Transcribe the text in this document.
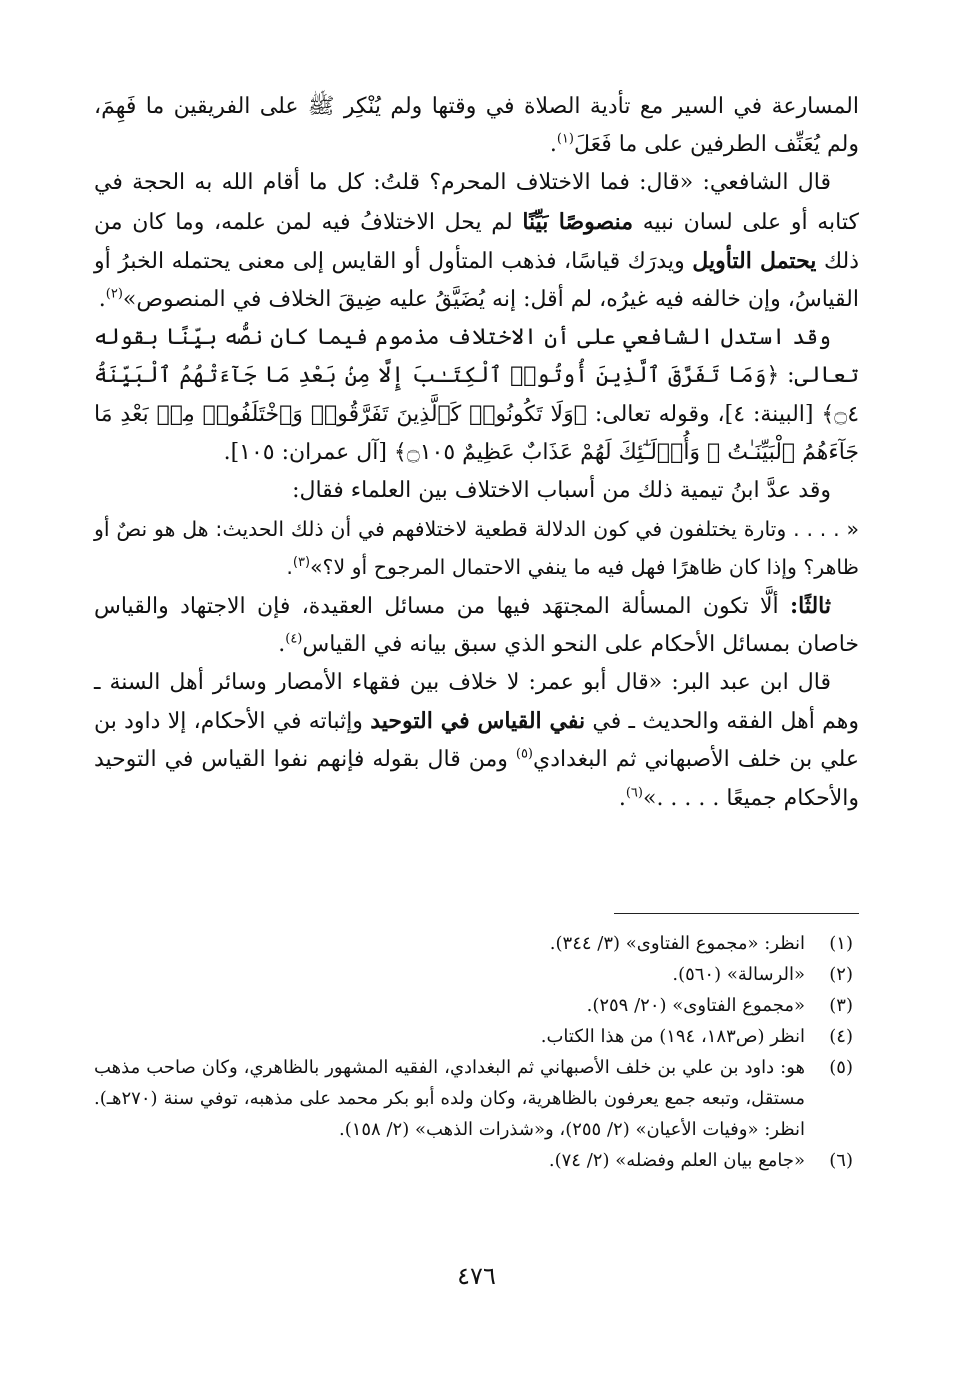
المسارعة في السير مع تأدية الصلاة في وقتها ولم يُنْكِر ﷺ على الفريقين ما فَهِمَ، ولم يُعَنِّف الطرفين على ما فَعَلَ$^{(١)}$.

قال الشافعي: «قال: فما الاختلاف المحرم؟ قلتُ: كل ما أقام الله به الحجة في كتابه أو على لسان نبيه منصوصًا بَيِّنًا لم يحل الاختلافُ فيه لمن علمه، وما كان من ذلك يحتمل التأويل ويدرَك قياسًا، فذهب المتأول أو القايس إلى معنى يحتمله الخبرُ أو القياسُ، وإن خالفه فيه غيرُه، لم أقل: إنه يُضَيَّقُ عليه ضِيقَ الخلاف في المنصوص»$^{(٢)}$.

وقد استدل الشافعي على أن الاختلاف مذموم فيما كان نصُّه بيِّنًا بقوله تعالى: ﴿وَمَا تَفَرَّقَ ٱلَّذِينَ أُوتُوا۟ ٱلْكِتَـٰبَ إِلَّا مِنۢ بَعْدِ مَا جَآءَتْهُمُ ٱلْبَيِّنَةُ ۝٤﴾ [البينة: ٤]، وقوله تعالى: ﴿وَلَا تَكُونُوا۟ كَٱلَّذِينَ تَفَرَّقُوا۟ وَٱخْتَلَفُوا۟ مِنۢ بَعْدِ مَا جَآءَهُمُ ٱلْبَيِّنَـٰتُ ۚ وَأُو۟لَـٰٓئِكَ لَهُمْ عَذَابٌ عَظِيمٌ ۝١٠٥﴾ [آل عمران: ١٠٥].

وقد عدَّ ابنُ تيمية ذلك من أسباب الاختلاف بين العلماء فقال:

« . . . . وتارة يختلفون في كون الدلالة قطعية لاختلافهم في أن ذلك الحديث: هل هو نصٌ أو ظاهر؟ وإذا كان ظاهرًا فهل فيه ما ينفي الاحتمال المرجوح أو لا؟»$^{(٣)}$.

ثالثًا: ألَّا تكون المسألة المجتهَد فيها من مسائل العقيدة، فإن الاجتهاد والقياس خاصان بمسائل الأحكام على النحو الذي سبق بيانه في القياس$^{(٤)}$.

قال ابن عبد البر: «قال أبو عمر: لا خلاف بين فقهاء الأمصار وسائر أهل السنة ـ وهم أهل الفقه والحديث ـ في نفي القياس في التوحيد وإثباته في الأحكام، إلا داود بن علي بن خلف الأصبهاني ثم البغدادي$^{(٥)}$ ومن قال بقوله فإنهم نفوا القياس في التوحيد والأحكام جميعًا . . . . .»$^{(٦)}$.

(١)
انظر: «مجموع الفتاوى» (٣/ ٣٤٤).
(٢)
«الرسالة» (٥٦٠).
(٣)
«مجموع الفتاوى» (٢٠/ ٢٥٩).
(٤)
انظر (ص١٨٣، ١٩٤) من هذا الكتاب.
(٥)
هو: داود بن علي بن خلف الأصبهاني ثم البغدادي، الفقيه المشهور بالظاهري، وكان صاحب مذهب مستقل، وتبعه جمع يعرفون بالظاهرية، وكان ولده أبو بكر محمد على مذهبه، توفي سنة (٢٧٠هـ). انظر: «وفيات الأعيان» (٢/ ٢٥٥)، و«شذرات الذهب» (٢/ ١٥٨).
(٦)
«جامع بيان العلم وفضله» (٢/ ٧٤).
٤٧٦
